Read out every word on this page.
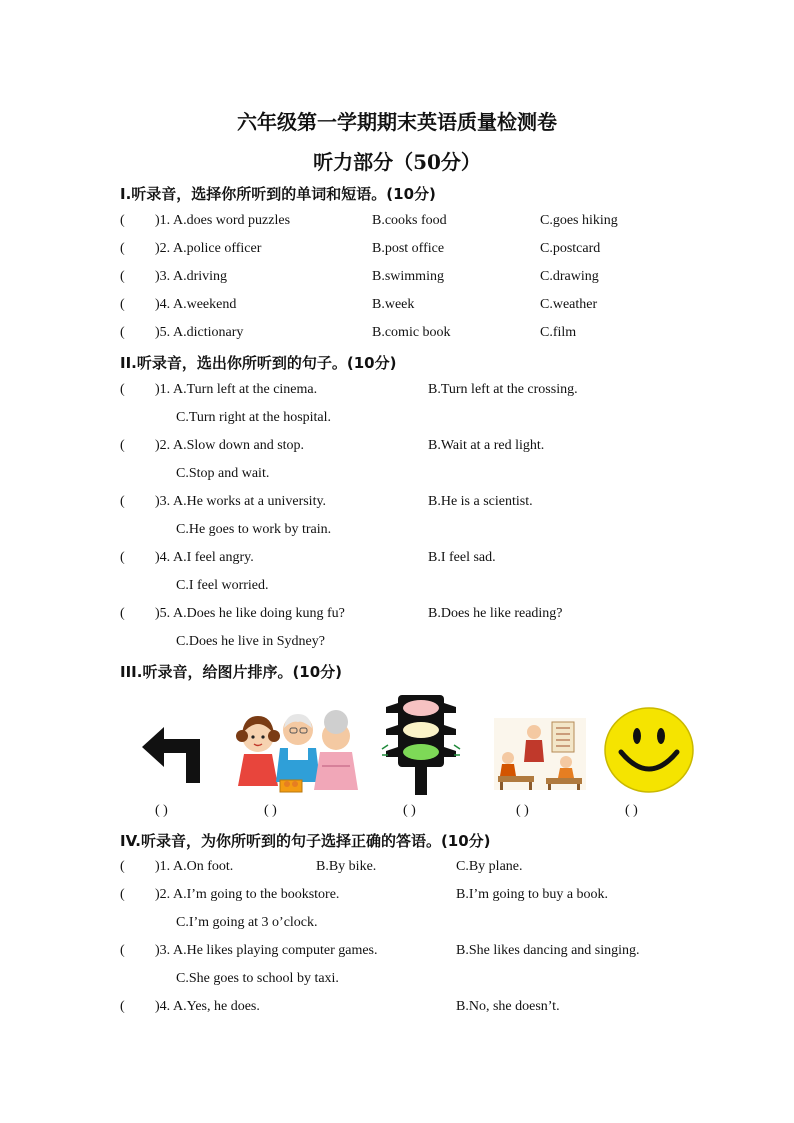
六年级第一学期期末英语质量检测卷
听力部分（50分）
I.听录音，选择你所听到的单词和短语。(10分)
( )1. A.does word puzzles	B.cooks food	C.goes hiking
( )2. A.police officer	B.post office	C.postcard
( )3. A.driving	B.swimming	C.drawing
( )4. A.weekend	B.week	C.weather
( )5. A.dictionary	B.comic book	C.film
II.听录音，选出你所听到的句子。(10分)
( )1. A.Turn left at the cinema.	B.Turn left at the crossing.
C.Turn right at the hospital.
( )2. A.Slow down and stop.	B.Wait at a red light.
C.Stop and wait.
( )3. A.He works at a university.	B.He is a scientist.
C.He goes to work by train.
( )4. A.I feel angry.	B.I feel sad.
C.I feel worried.
( )5. A.Does he like doing kung fu?	B.Does he like reading?
C.Does he live in Sydney?
III.听录音，给图片排序。(10分)
( )	( )	( )	( )	( )
IV.听录音，为你所听到的句子选择正确的答语。(10分)
( )1. A.On foot.	B.By bike.	C.By plane.
( )2. A.I’m going to the bookstore.	B.I’m going to buy a book.
C.I’m going at 3 o’clock.
( )3. A.He likes playing computer games.	B.She likes dancing and singing.
C.She goes to school by taxi.
( )4. A.Yes, he does.	B.No, she doesn’t.
